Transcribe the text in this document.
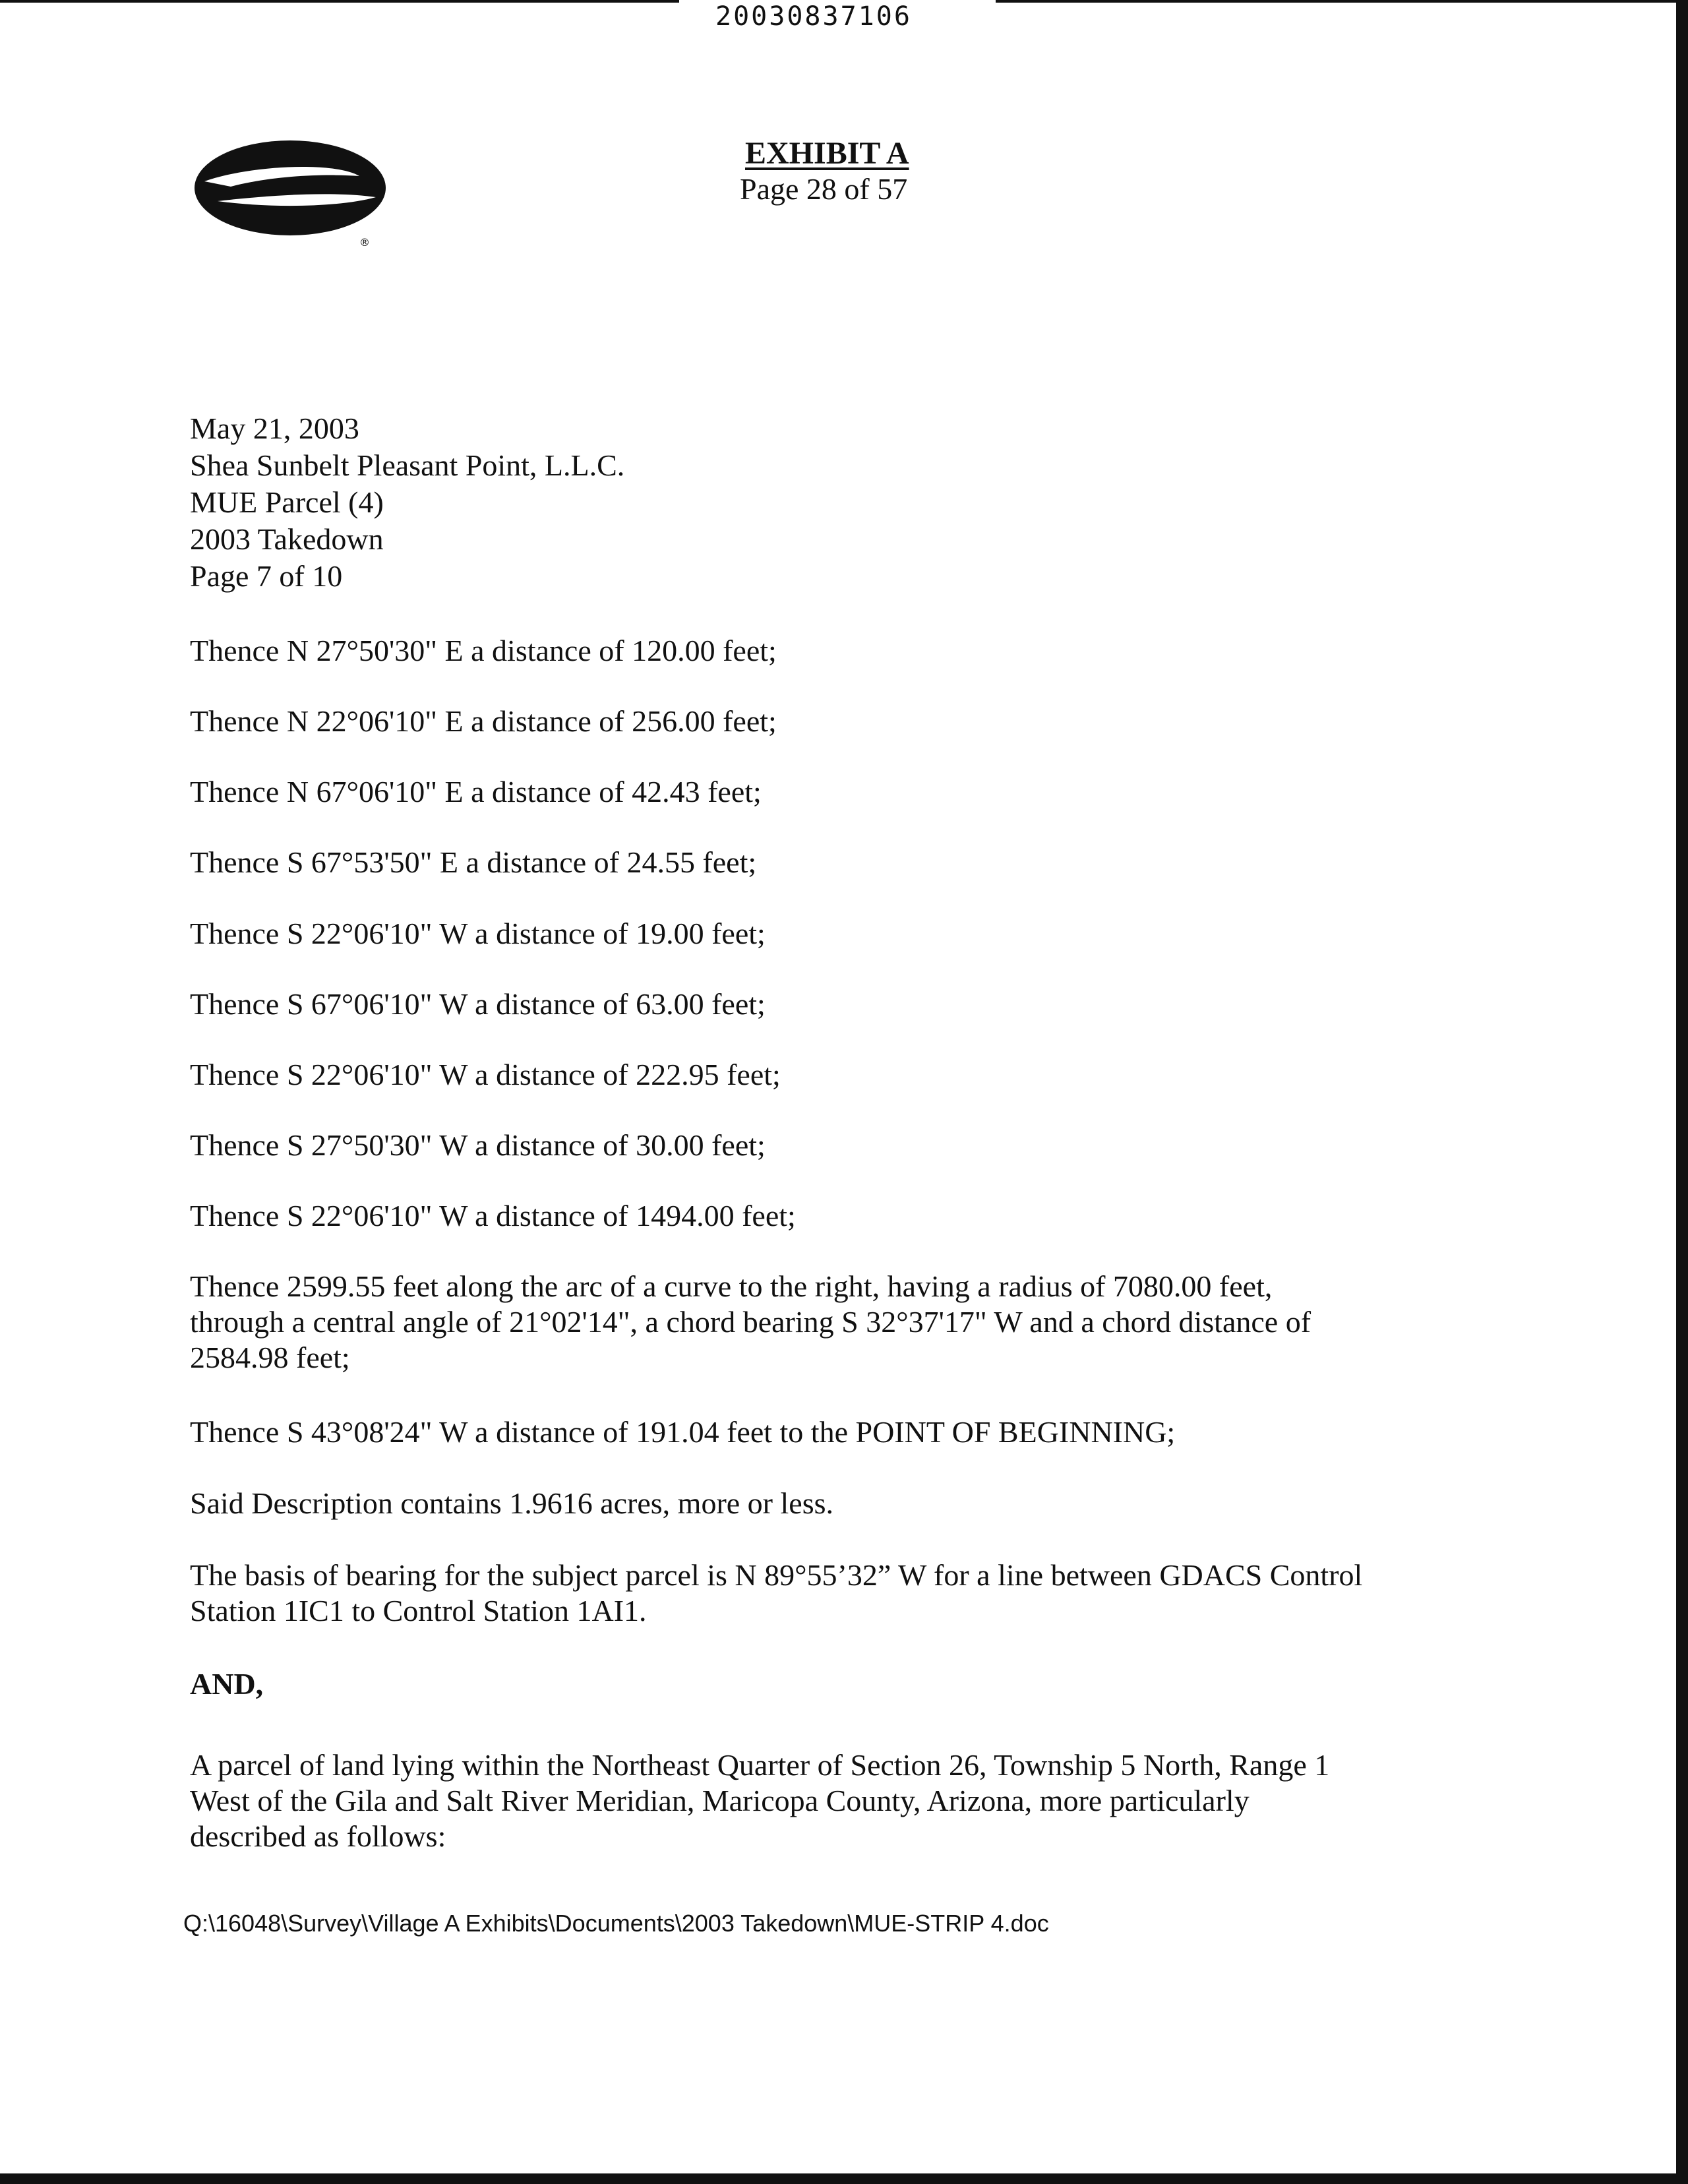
20030837106
®
EXHIBIT A
Page 28 of 57
May 21, 2003
Shea Sunbelt Pleasant Point, L.L.C.
MUE Parcel (4)
2003 Takedown
Page 7 of 10
Thence N 27°50'30" E a distance of 120.00 feet;
Thence N 22°06'10" E a distance of 256.00 feet;
Thence N 67°06'10" E a distance of 42.43 feet;
Thence S 67°53'50" E a distance of 24.55 feet;
Thence S 22°06'10" W a distance of 19.00 feet;
Thence S 67°06'10" W a distance of 63.00 feet;
Thence S 22°06'10" W a distance of 222.95 feet;
Thence S 27°50'30" W a distance of 30.00 feet;
Thence S 22°06'10" W a distance of 1494.00 feet;
Thence 2599.55 feet along the arc of a curve to the right, having a radius of 7080.00 feet,
through a central angle of 21°02'14", a chord bearing S 32°37'17" W and a chord distance of
2584.98 feet;
Thence S 43°08'24" W a distance of 191.04 feet to the POINT OF BEGINNING;
Said Description contains 1.9616 acres, more or less.
The basis of bearing for the subject parcel is N 89°55’32” W for a line between GDACS Control
Station 1IC1 to Control Station 1AI1.
AND,
A parcel of land lying within the Northeast Quarter of Section 26, Township 5 North, Range 1
West of the Gila and Salt River Meridian, Maricopa County, Arizona, more particularly
described as follows:
Q:\16048\Survey\Village A Exhibits\Documents\2003 Takedown\MUE-STRIP 4.doc
